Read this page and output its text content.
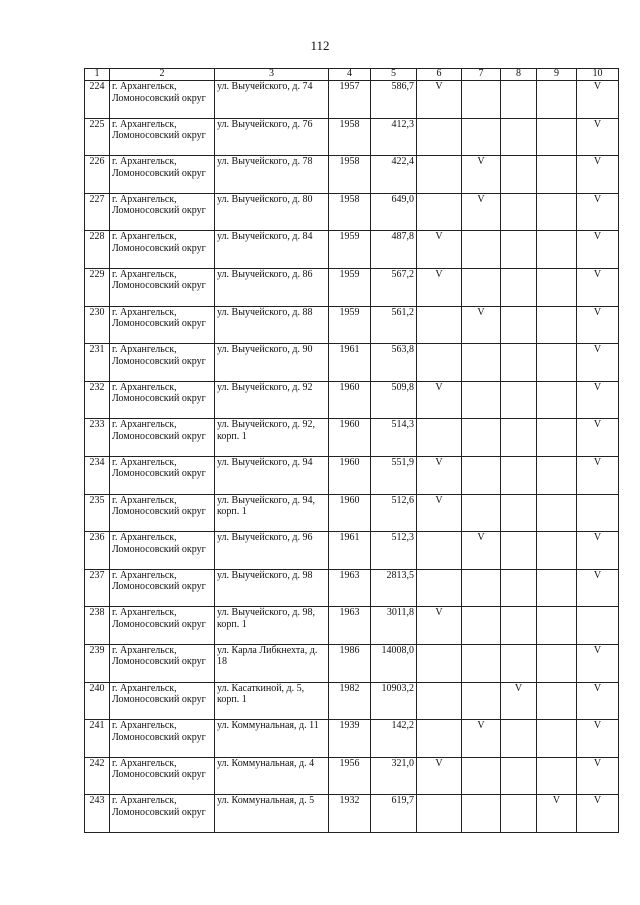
112
1	2	3	4	5	6	7	8	9	10
224	г. Архангельск, Ломоносовский округ	ул. Выучейского, д. 74	1957	586,7	V				V
225	г. Архангельск, Ломоносовский округ	ул. Выучейского, д. 76	1958	412,3					V
226	г. Архангельск, Ломоносовский округ	ул. Выучейского, д. 78	1958	422,4		V			V
227	г. Архангельск, Ломоносовский округ	ул. Выучейского, д. 80	1958	649,0		V			V
228	г. Архангельск, Ломоносовский округ	ул. Выучейского, д. 84	1959	487,8	V				V
229	г. Архангельск, Ломоносовский округ	ул. Выучейского, д. 86	1959	567,2	V				V
230	г. Архангельск, Ломоносовский округ	ул. Выучейского, д. 88	1959	561,2		V			V
231	г. Архангельск, Ломоносовский округ	ул. Выучейского, д. 90	1961	563,8					V
232	г. Архангельск, Ломоносовский округ	ул. Выучейского, д. 92	1960	509,8	V				V
233	г. Архангельск, Ломоносовский округ	ул. Выучейского, д. 92, корп. 1	1960	514,3					V
234	г. Архангельск, Ломоносовский округ	ул. Выучейского, д. 94	1960	551,9	V				V
235	г. Архангельск, Ломоносовский округ	ул. Выучейского, д. 94, корп. 1	1960	512,6	V				
236	г. Архангельск, Ломоносовский округ	ул. Выучейского, д. 96	1961	512,3		V			V
237	г. Архангельск, Ломоносовский округ	ул. Выучейского, д. 98	1963	2813,5					V
238	г. Архангельск, Ломоносовский округ	ул. Выучейского, д. 98, корп. 1	1963	3011,8	V				
239	г. Архангельск, Ломоносовский округ	ул. Карла Либкнехта, д. 18	1986	14008,0					V
240	г. Архангельск, Ломоносовский округ	ул. Касаткиной, д. 5, корп. 1	1982	10903,2			V		V
241	г. Архангельск, Ломоносовский округ	ул. Коммунальная, д. 11	1939	142,2		V			V
242	г. Архангельск, Ломоносовский округ	ул. Коммунальная, д. 4	1956	321,0	V				V
243	г. Архангельск, Ломоносовский округ	ул. Коммунальная, д. 5	1932	619,7				V	V
